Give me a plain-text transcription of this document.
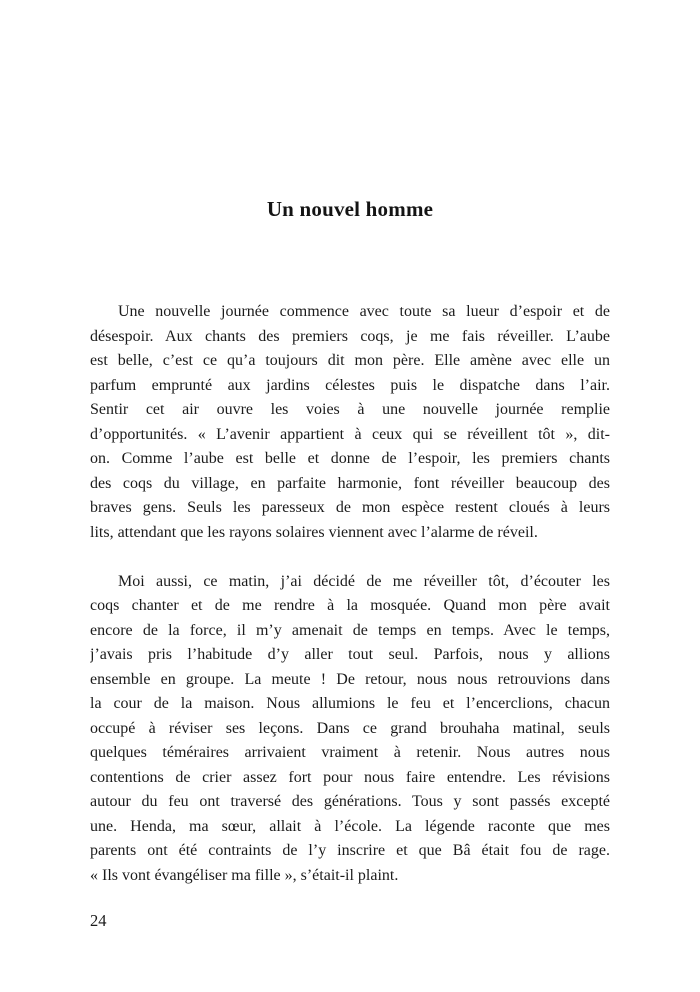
Un nouvel homme
Une nouvelle journée commence avec toute sa lueur d’espoir et de
désespoir. Aux chants des premiers coqs, je me fais réveiller. L’aube
est belle, c’est ce qu’a toujours dit mon père. Elle amène avec elle un
parfum emprunté aux jardins célestes puis le dispatche dans l’air.
Sentir cet air ouvre les voies à une nouvelle journée remplie
d’opportunités. « L’avenir appartient à ceux qui se réveillent tôt », dit-
on. Comme l’aube est belle et donne de l’espoir, les premiers chants
des coqs du village, en parfaite harmonie, font réveiller beaucoup des
braves gens. Seuls les paresseux de mon espèce restent cloués à leurs
lits, attendant que les rayons solaires viennent avec l’alarme de réveil.
Moi aussi, ce matin, j’ai décidé de me réveiller tôt, d’écouter les
coqs chanter et de me rendre à la mosquée. Quand mon père avait
encore de la force, il m’y amenait de temps en temps. Avec le temps,
j’avais pris l’habitude d’y aller tout seul. Parfois, nous y allions
ensemble en groupe. La meute ! De retour, nous nous retrouvions dans
la cour de la maison. Nous allumions le feu et l’encerclions, chacun
occupé à réviser ses leçons. Dans ce grand brouhaha matinal, seuls
quelques téméraires arrivaient vraiment à retenir. Nous autres nous
contentions de crier assez fort pour nous faire entendre. Les révisions
autour du feu ont traversé des générations. Tous y sont passés excepté
une. Henda, ma sœur, allait à l’école. La légende raconte que mes
parents ont été contraints de l’y inscrire et que Bâ était fou de rage.
« Ils vont évangéliser ma fille », s’était-il plaint.
24
